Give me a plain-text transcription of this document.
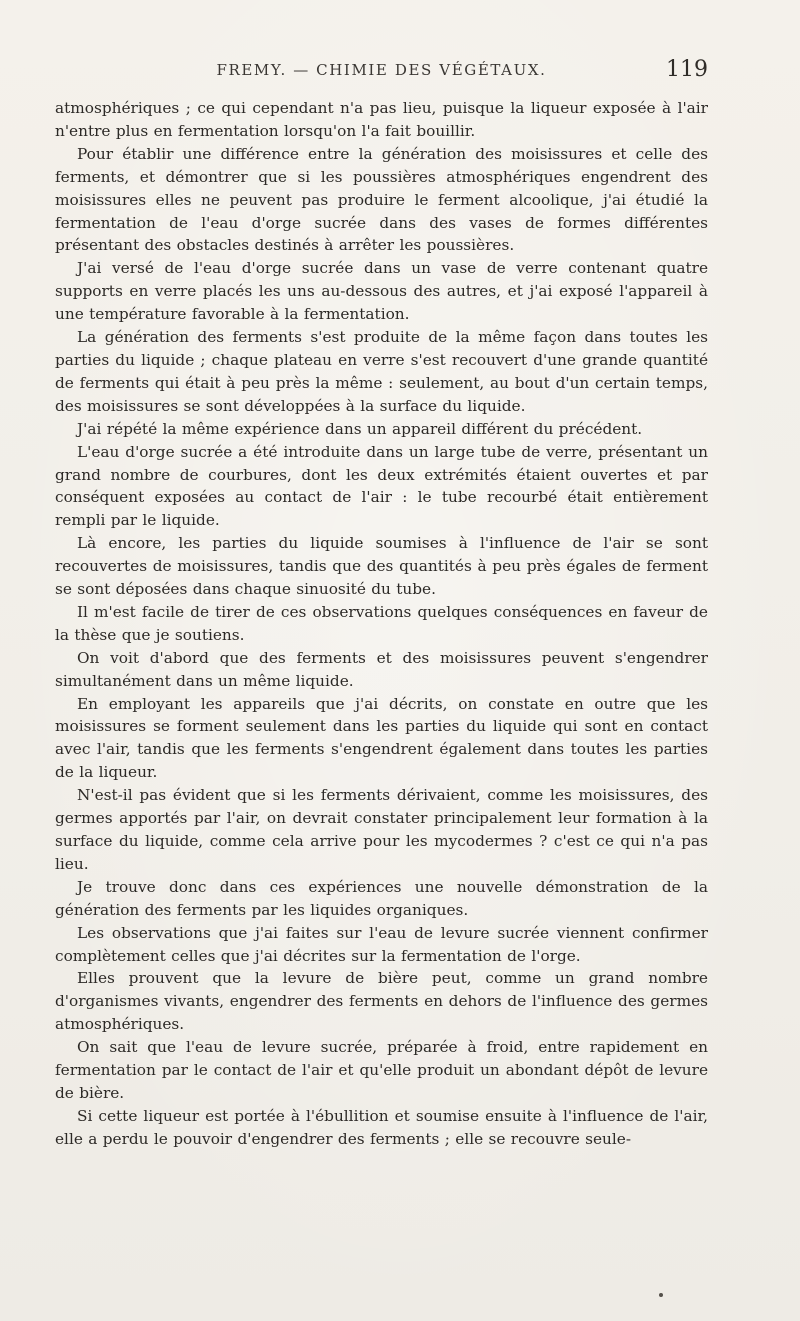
FREMY. — CHIMIE DES VÉGÉTAUX.	119

atmosphériques ; ce qui cependant n'a pas lieu, puisque la liqueur exposée à l'air n'entre plus en fermentation lorsqu'on l'a fait bouillir.

Pour établir une différence entre la génération des moisissures et celle des ferments, et démontrer que si les poussières atmosphériques engendrent des moisissures elles ne peuvent pas produire le ferment alcoolique, j'ai étudié la fermentation de l'eau d'orge sucrée dans des vases de formes différentes présentant des obstacles destinés à arrêter les poussières.

J'ai versé de l'eau d'orge sucrée dans un vase de verre contenant quatre supports en verre placés les uns au-dessous des autres, et j'ai exposé l'appareil à une température favorable à la fermentation.

La génération des ferments s'est produite de la même façon dans toutes les parties du liquide ; chaque plateau en verre s'est recouvert d'une grande quantité de ferments qui était à peu près la même : seulement, au bout d'un certain temps, des moisissures se sont développées à la surface du liquide.

J'ai répété la même expérience dans un appareil différent du précédent.

L'eau d'orge sucrée a été introduite dans un large tube de verre, présentant un grand nombre de courbures, dont les deux extrémités étaient ouvertes et par conséquent exposées au contact de l'air : le tube recourbé était entièrement rempli par le liquide.

Là encore, les parties du liquide soumises à l'influence de l'air se sont recouvertes de moisissures, tandis que des quantités à peu près égales de ferment se sont déposées dans chaque sinuosité du tube.

Il m'est facile de tirer de ces observations quelques conséquences en faveur de la thèse que je soutiens.

On voit d'abord que des ferments et des moisissures peuvent s'engendrer simultanément dans un même liquide.

En employant les appareils que j'ai décrits, on constate en outre que les moisissures se forment seulement dans les parties du liquide qui sont en contact avec l'air, tandis que les ferments s'engendrent également dans toutes les parties de la liqueur.

N'est-il pas évident que si les ferments dérivaient, comme les moisissures, des germes apportés par l'air, on devrait constater principalement leur formation à la surface du liquide, comme cela arrive pour les mycodermes ? c'est ce qui n'a pas lieu.

Je trouve donc dans ces expériences une nouvelle démonstration de la génération des ferments par les liquides organiques.

Les observations que j'ai faites sur l'eau de levure sucrée viennent confirmer complètement celles que j'ai décrites sur la fermentation de l'orge.

Elles prouvent que la levure de bière peut, comme un grand nombre d'organismes vivants, engendrer des ferments en dehors de l'influence des germes atmosphériques.

On sait que l'eau de levure sucrée, préparée à froid, entre rapidement en fermentation par le contact de l'air et qu'elle produit un abondant dépôt de levure de bière.

Si cette liqueur est portée à l'ébullition et soumise ensuite à l'influence de l'air, elle a perdu le pouvoir d'engendrer des ferments ; elle se recouvre seule-
